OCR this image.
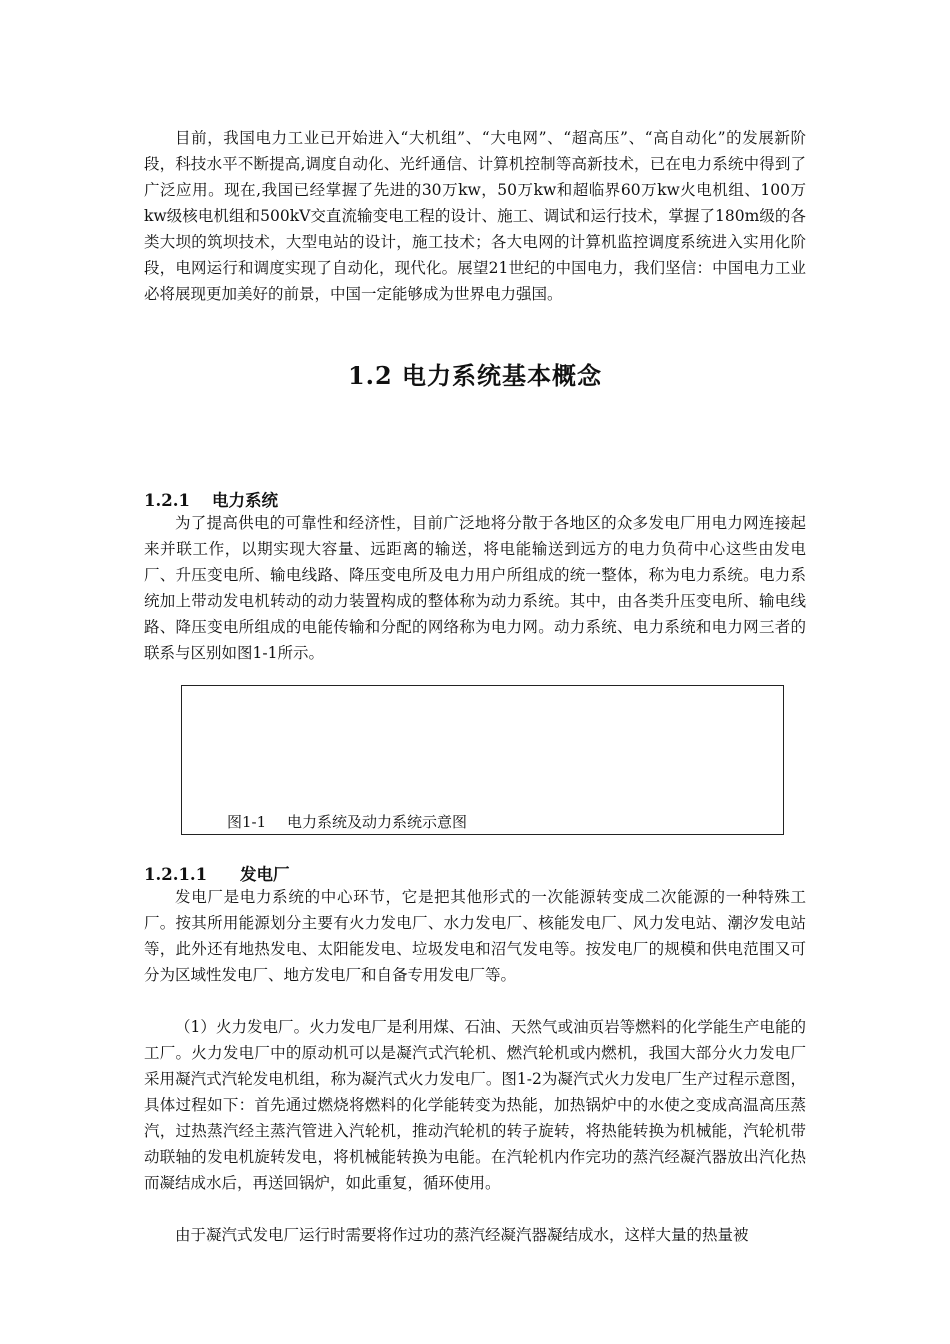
目前，我国电力工业已开始进入“大机组”、“大电网”、“超高压”、“高自动化”的发展新阶段，科技水平不断提高,调度自动化、光纤通信、计算机控制等高新技术，已在电力系统中得到了广泛应用。现在,我国已经掌握了先进的30万kw，50万kw和超临界60万kw火电机组、100万kw级核电机组和500kV交直流输变电工程的设计、施工、调试和运行技术，掌握了180m级的各类大坝的筑坝技术，大型电站的设计，施工技术；各大电网的计算机监控调度系统进入实用化阶段，电网运行和调度实现了自动化，现代化。展望21世纪的中国电力，我们坚信：中国电力工业必将展现更加美好的前景，中国一定能够成为世界电力强国。

1.2 电力系统基本概念
1.2.1 电力系统

为了提高供电的可靠性和经济性，目前广泛地将分散于各地区的众多发电厂用电力网连接起来并联工作，以期实现大容量、远距离的输送，将电能输送到远方的电力负荷中心这些由发电厂、升压变电所、输电线路、降压变电所及电力用户所组成的统一整体，称为电力系统。电力系统加上带动发电机转动的动力装置构成的整体称为动力系统。其中，由各类升压变电所、输电线路、降压变电所组成的电能传输和分配的网络称为电力网。动力系统、电力系统和电力网三者的联系与区别如图1-1所示。

图1-1 电力系统及动力系统示意图

1.2.1.1 发电厂

发电厂是电力系统的中心环节，它是把其他形式的一次能源转变成二次能源的一种特殊工厂。按其所用能源划分主要有火力发电厂、水力发电厂、核能发电厂、风力发电站、潮汐发电站等，此外还有地热发电、太阳能发电、垃圾发电和沼气发电等。按发电厂的规模和供电范围又可分为区域性发电厂、地方发电厂和自备专用发电厂等。

（1）火力发电厂。火力发电厂是利用煤、石油、天然气或油页岩等燃料的化学能生产电能的工厂。火力发电厂中的原动机可以是凝汽式汽轮机、燃汽轮机或内燃机，我国大部分火力发电厂采用凝汽式汽轮发电机组，称为凝汽式火力发电厂。图1-2为凝汽式火力发电厂生产过程示意图，具体过程如下：首先通过燃烧将燃料的化学能转变为热能，加热锅炉中的水使之变成高温高压蒸汽，过热蒸汽经主蒸汽管进入汽轮机，推动汽轮机的转子旋转，将热能转换为机械能，汽轮机带动联轴的发电机旋转发电，将机械能转换为电能。在汽轮机内作完功的蒸汽经凝汽器放出汽化热而凝结成水后，再送回锅炉，如此重复，循环使用。

由于凝汽式发电厂运行时需要将作过功的蒸汽经凝汽器凝结成水，这样大量的热量被
